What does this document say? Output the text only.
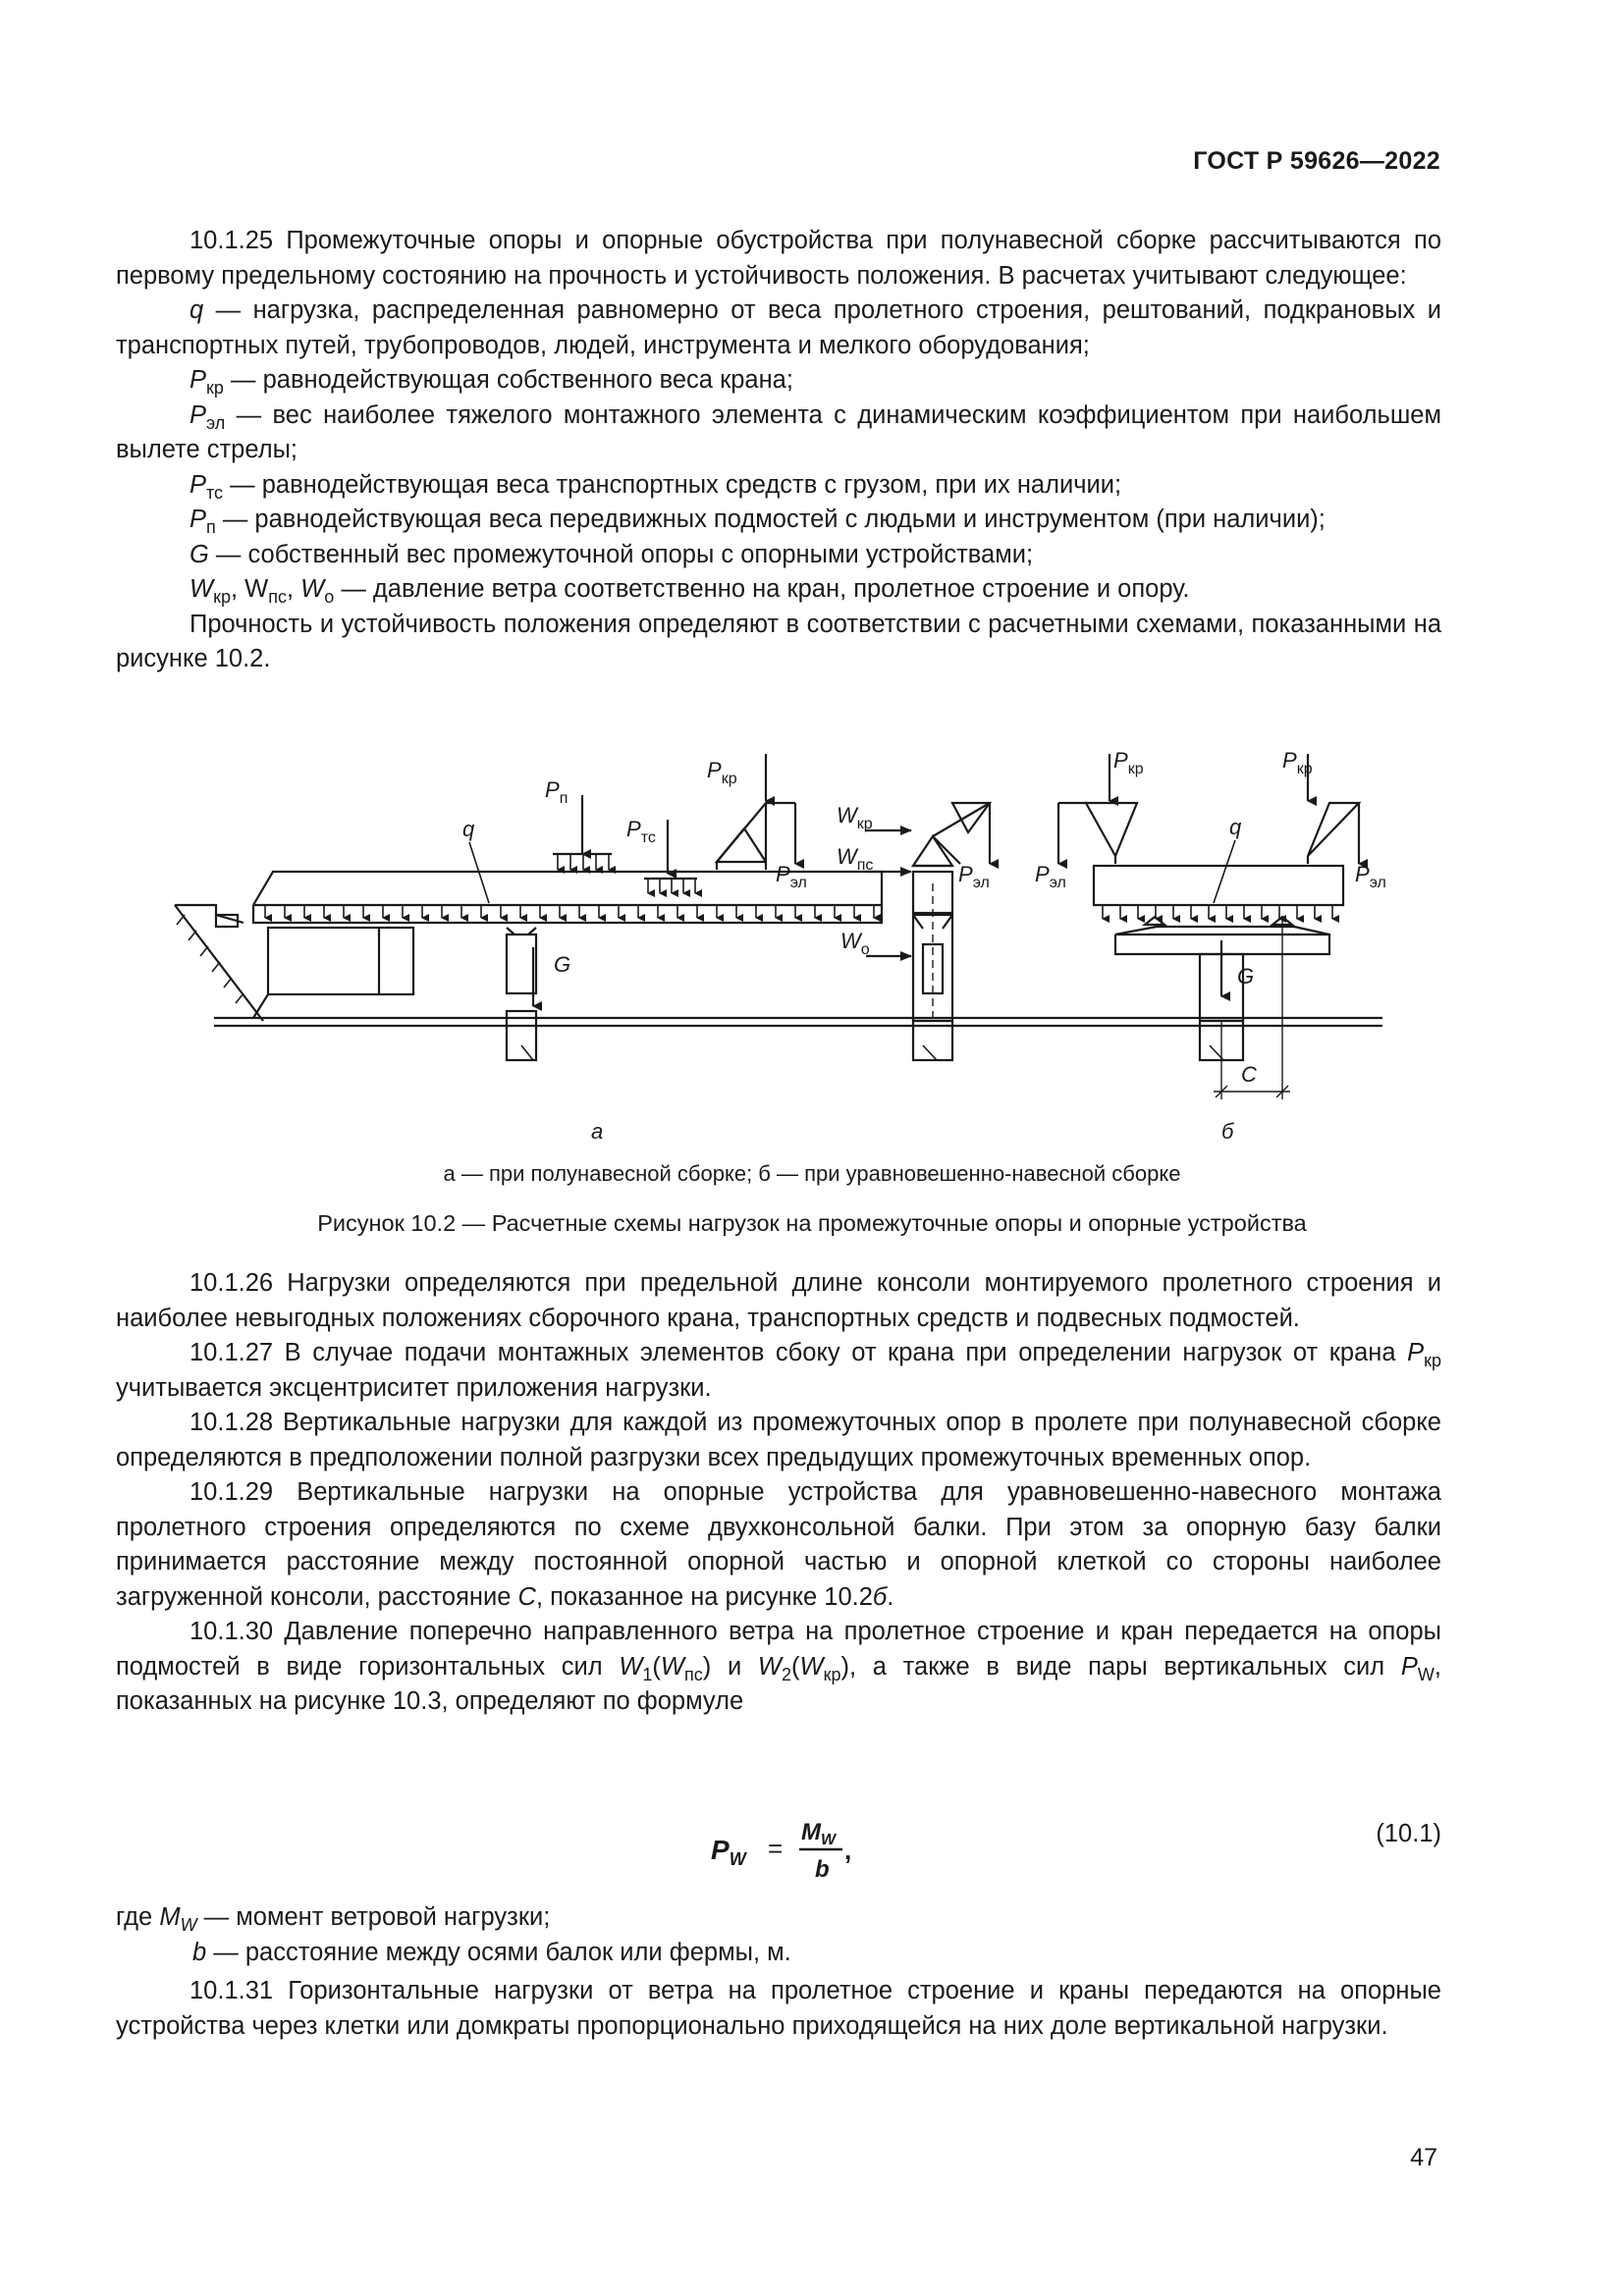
ГОСТ Р 59626—2022

10.1.25 Промежуточные опоры и опорные обустройства при полунавесной сборке рассчитываются по первому предельному состоянию на прочность и устойчивость положения. В расчетах учитывают следующее:

q — нагрузка, распределенная равномерно от веса пролетного строения, рештований, подкрановых и транспортных путей, трубопроводов, людей, инструмента и мелкого оборудования;

$P_{кр}$ — равнодействующая собственного веса крана;

$P_{эл}$ — вес наиболее тяжелого монтажного элемента с динамическим коэффициентом при наибольшем вылете стрелы;

$P_{тс}$ — равнодействующая веса транспортных средств с грузом, при их наличии;

$P_п$ — равнодействующая веса передвижных подмостей с людьми и инструментом (при наличии);

G — собственный вес промежуточной опоры с опорными устройствами;

$W_{кр}$, $W_{пс}$, $W_о$ — давление ветра соответственно на кран, пролетное строение и опору.

Прочность и устойчивость положения определяют в соответствии с расчетными схемами, показанными на рисунке 10.2.

q
$P_п$
$P_{тс}$
$P_{кр}$
$P_{эл}$
G
$W_{кр}$
$W_{пс}$
$W_о$
$P_{эл}$
$P_{кр}$	$P_{кр}$
$P_{эл}$	$P_{эл}$
q
G
C
а	б
а — при полунавесной сборке; б — при уравновешенно-навесной сборке
Рисунок 10.2 — Расчетные схемы нагрузок на промежуточные опоры и опорные устройства

10.1.26 Нагрузки определяются при предельной длине консоли монтируемого пролетного строения и наиболее невыгодных положениях сборочного крана, транспортных средств и подвесных подмостей.

10.1.27 В случае подачи монтажных элементов сбоку от крана при определении нагрузок от крана $P_{кр}$ учитывается эксцентриситет приложения нагрузки.

10.1.28 Вертикальные нагрузки для каждой из промежуточных опор в пролете при полунавесной сборке определяются в предположении полной разгрузки всех предыдущих промежуточных временных опор.

10.1.29 Вертикальные нагрузки на опорные устройства для уравновешенно-навесного монтажа пролетного строения определяются по схеме двухконсольной балки. При этом за опорную базу балки принимается расстояние между постоянной опорной частью и опорной клеткой со стороны наиболее загруженной консоли, расстояние C, показанное на рисунке 10.2б.

10.1.30 Давление поперечно направленного ветра на пролетное строение и кран передается на опоры подмостей в виде горизонтальных сил $W_1(W_{пс})$ и $W_2(W_{кр})$, а также в виде пары вертикальных сил $P_W$, показанных на рисунке 10.3, определяют по формуле

$P_W$ =
$M_W$
b
,
(10.1)

где $M_W$ — момент ветровой нагрузки;

b — расстояние между осями балок или фермы, м.

10.1.31 Горизонтальные нагрузки от ветра на пролетное строение и краны передаются на опорные устройства через клетки или домкраты пропорционально приходящейся на них доле вертикальной нагрузки.

47
